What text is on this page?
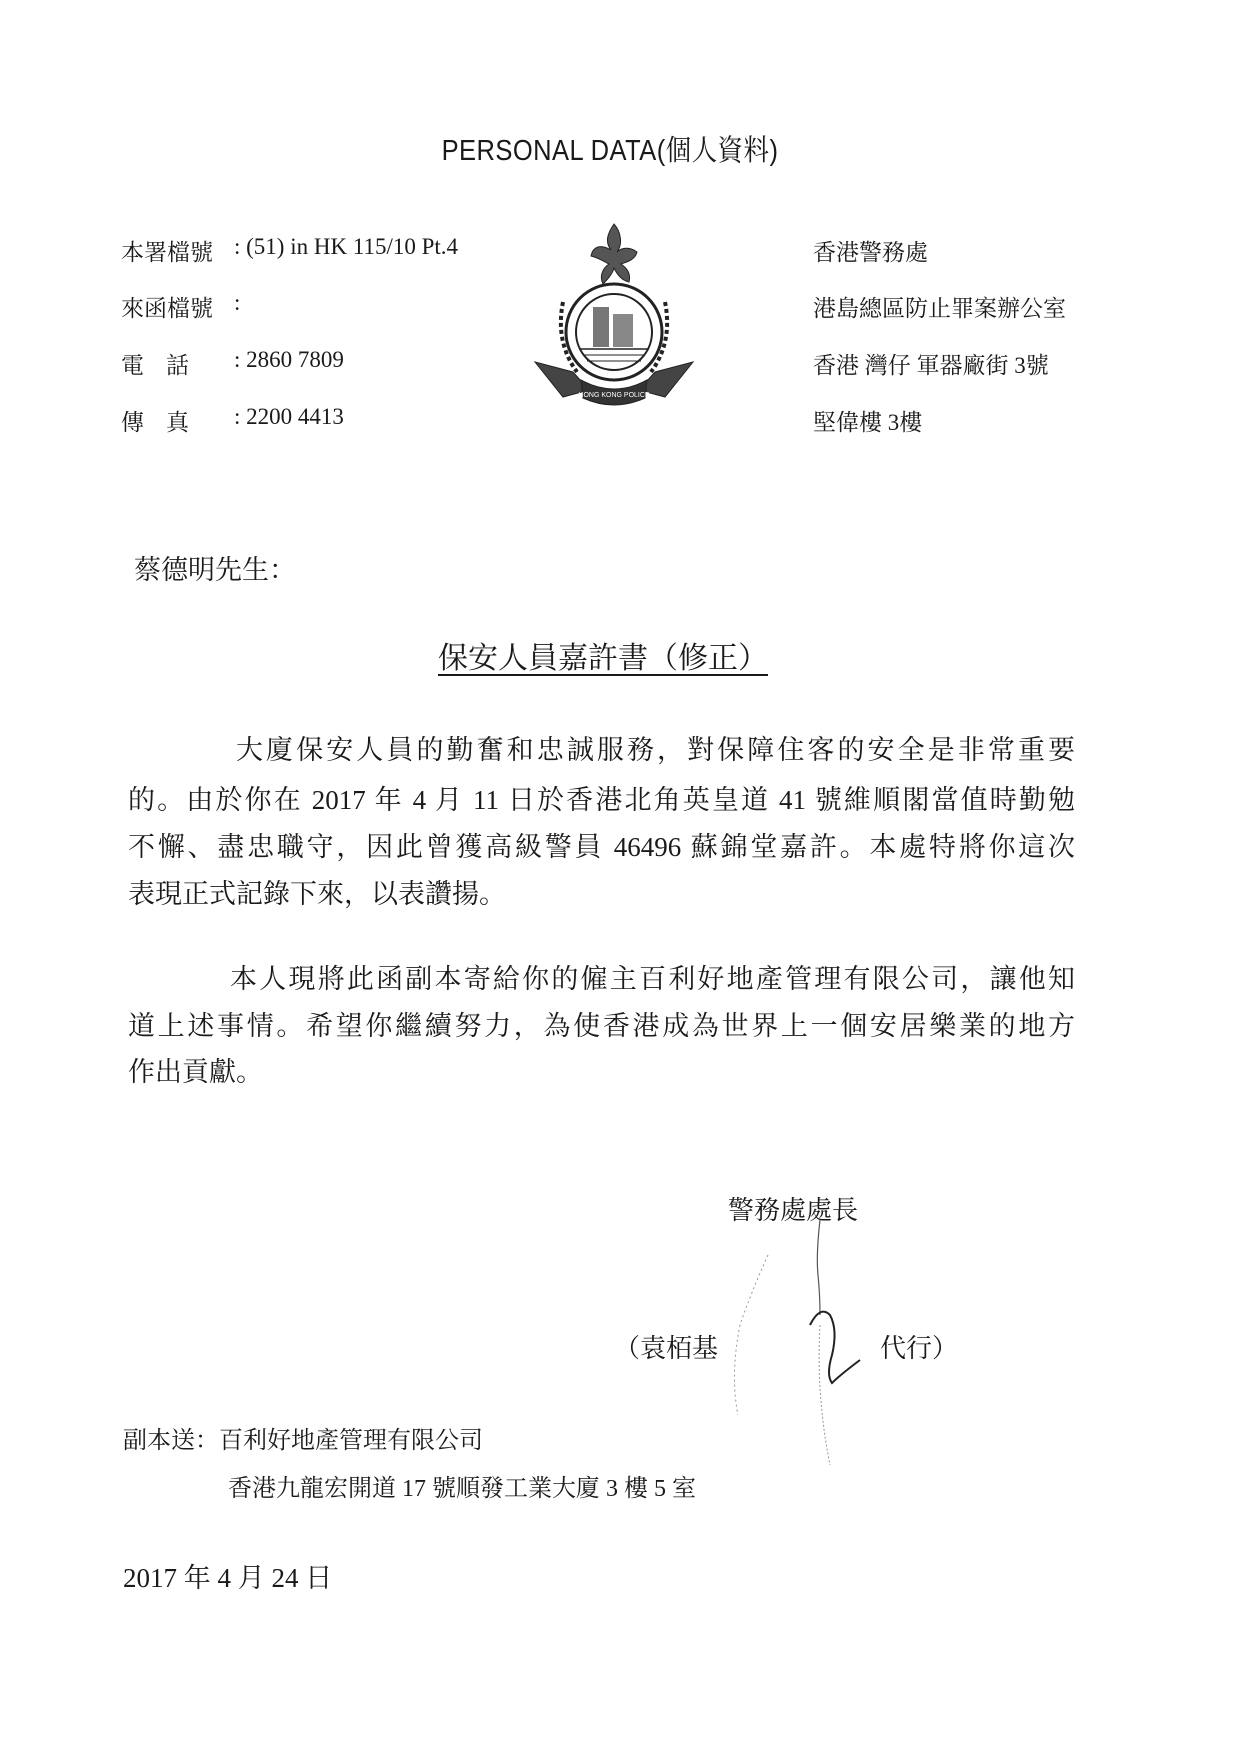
PERSONAL DATA(個人資料)
本署檔號 : (51) in HK 115/10 Pt.4
來函檔號 :
電話 : 2860 7809
傳真 : 2200 4413
HONG KONG POLICE
香港警務處
港島總區防止罪案辦公室
香港 灣仔 軍器廠街 3號
堅偉樓 3樓
蔡德明先生：
保安人員嘉許書（修正）
大廈保安人員的勤奮和忠誠服務，對保障住客的安全是非常重要
的。由於你在 2017 年 4 月 11 日於香港北角英皇道 41 號維順閣當值時勤勉
不懈、盡忠職守，因此曾獲高級警員 46496 蘇錦堂嘉許。本處特將你這次
表現正式記錄下來，以表讚揚。
本人現將此函副本寄給你的僱主百利好地產管理有限公司，讓他知
道上述事情。希望你繼續努力，為使香港成為世界上一個安居樂業的地方
作出貢獻。
警務處處長
（袁栢基	代行）
副本送：百利好地產管理有限公司
香港九龍宏開道 17 號順發工業大廈 3 樓 5 室
2017 年 4 月 24 日
